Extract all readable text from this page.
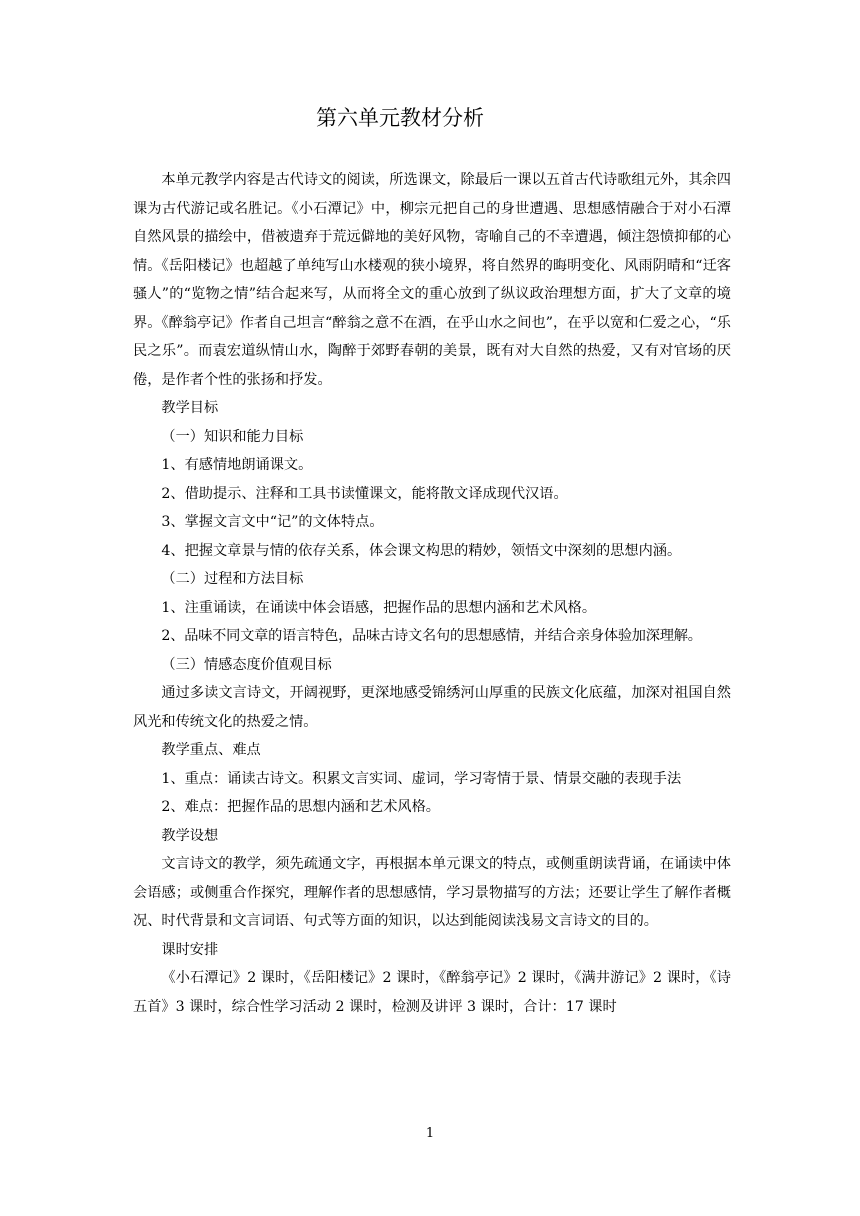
第六单元教材分析

本单元教学内容是古代诗文的阅读，所选课文，除最后一课以五首古代诗歌组元外，其余四课为古代游记或名胜记。《小石潭记》中，柳宗元把自己的身世遭遇、思想感情融合于对小石潭自然风景的描绘中，借被遗弃于荒远僻地的美好风物，寄喻自己的不幸遭遇，倾注怨愤抑郁的心情。《岳阳楼记》也超越了单纯写山水楼观的狭小境界，将自然界的晦明变化、风雨阴晴和“迁客骚人”的“览物之情”结合起来写，从而将全文的重心放到了纵议政治理想方面，扩大了文章的境界。《醉翁亭记》作者自己坦言“醉翁之意不在酒，在乎山水之间也”，在乎以宽和仁爱之心，“乐民之乐”。而袁宏道纵情山水，陶醉于郊野春朝的美景，既有对大自然的热爱，又有对官场的厌倦，是作者个性的张扬和抒发。

教学目标

（一）知识和能力目标

1、有感情地朗诵课文。

2、借助提示、注释和工具书读懂课文，能将散文译成现代汉语。

3、掌握文言文中“记”的文体特点。

4、把握文章景与情的依存关系，体会课文构思的精妙，领悟文中深刻的思想内涵。

（二）过程和方法目标

1、注重诵读，在诵读中体会语感，把握作品的思想内涵和艺术风格。

2、品味不同文章的语言特色，品味古诗文名句的思想感情，并结合亲身体验加深理解。

（三）情感态度价值观目标

通过多读文言诗文，开阔视野，更深地感受锦绣河山厚重的民族文化底蕴，加深对祖国自然风光和传统文化的热爱之情。

教学重点、难点

1、重点：诵读古诗文。积累文言实词、虚词，学习寄情于景、情景交融的表现手法

2、难点：把握作品的思想内涵和艺术风格。

教学设想

文言诗文的教学，须先疏通文字，再根据本单元课文的特点，或侧重朗读背诵，在诵读中体会语感；或侧重合作探究，理解作者的思想感情，学习景物描写的方法；还要让学生了解作者概况、时代背景和文言词语、句式等方面的知识，以达到能阅读浅易文言诗文的目的。

课时安排

《小石潭记》2 课时，《岳阳楼记》2 课时，《醉翁亭记》2 课时，《满井游记》2 课时，《诗五首》3 课时，综合性学习活动 2 课时，检测及讲评 3 课时，合计：17 课时

1
